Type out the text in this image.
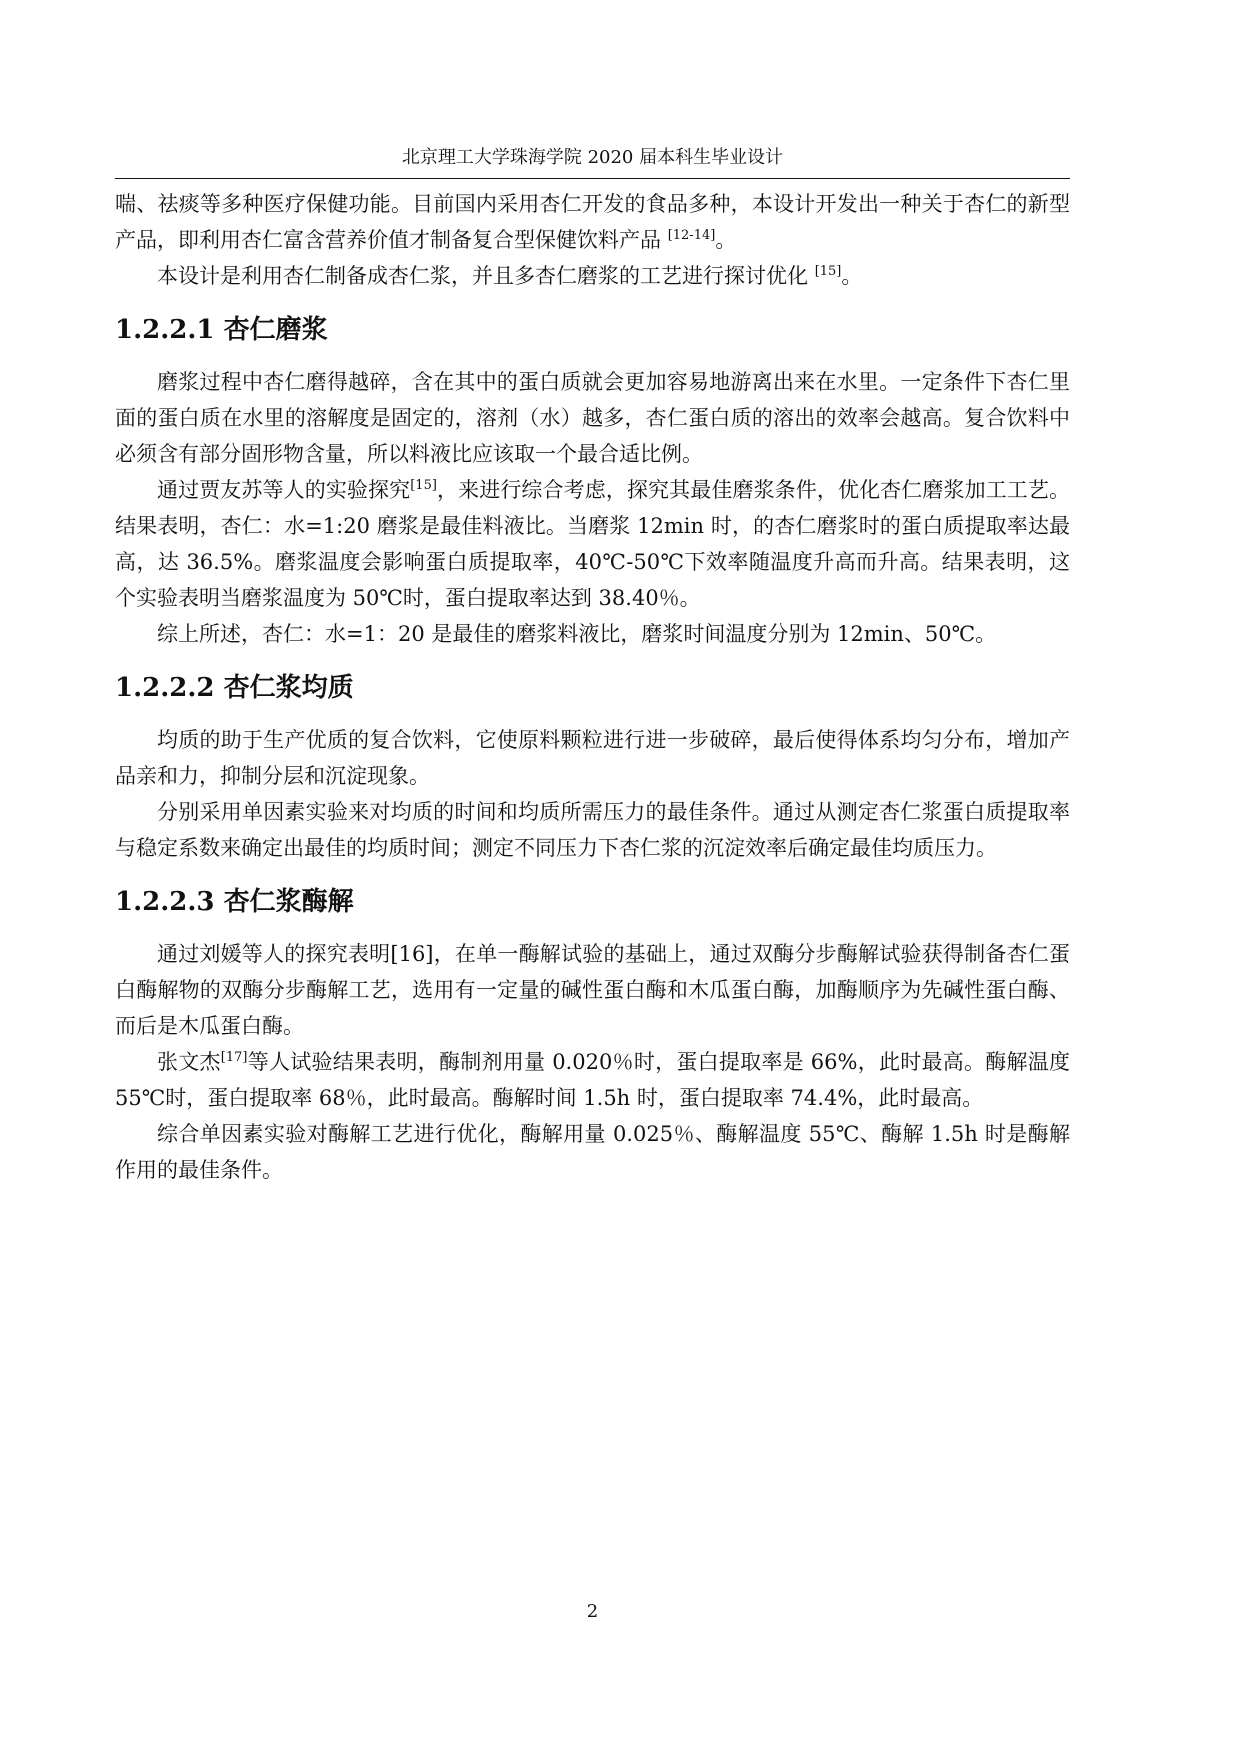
北京理工大学珠海学院 2020 届本科生毕业设计

喘、祛痰等多种医疗保健功能。目前国内采用杏仁开发的食品多种，本设计开发出一种关于杏仁的新型产品，即利用杏仁富含营养价值才制备复合型保健饮料产品 [12-14]。

本设计是利用杏仁制备成杏仁浆，并且多杏仁磨浆的工艺进行探讨优化 [15]。

1.2.2.1 杏仁磨浆

磨浆过程中杏仁磨得越碎，含在其中的蛋白质就会更加容易地游离出来在水里。一定条件下杏仁里面的蛋白质在水里的溶解度是固定的，溶剂（水）越多，杏仁蛋白质的溶出的效率会越高。复合饮料中必须含有部分固形物含量，所以料液比应该取一个最合适比例。

通过贾友苏等人的实验探究[15]，来进行综合考虑，探究其最佳磨浆条件，优化杏仁磨浆加工工艺。结果表明，杏仁：水=1:20 磨浆是最佳料液比。当磨浆 12min 时，的杏仁磨浆时的蛋白质提取率达最高，达 36.5%。磨浆温度会影响蛋白质提取率，40℃-50℃下效率随温度升高而升高。结果表明，这个实验表明当磨浆温度为 50℃时，蛋白提取率达到 38.40％。

综上所述，杏仁：水=1：20 是最佳的磨浆料液比，磨浆时间温度分别为 12min、50℃。

1.2.2.2 杏仁浆均质

均质的助于生产优质的复合饮料，它使原料颗粒进行进一步破碎，最后使得体系均匀分布，增加产品亲和力，抑制分层和沉淀现象。

分别采用单因素实验来对均质的时间和均质所需压力的最佳条件。通过从测定杏仁浆蛋白质提取率与稳定系数来确定出最佳的均质时间；测定不同压力下杏仁浆的沉淀效率后确定最佳均质压力。

1.2.2.3 杏仁浆酶解

通过刘媛等人的探究表明[16]，在单一酶解试验的基础上，通过双酶分步酶解试验获得制备杏仁蛋白酶解物的双酶分步酶解工艺，选用有一定量的碱性蛋白酶和木瓜蛋白酶，加酶顺序为先碱性蛋白酶、而后是木瓜蛋白酶。

张文杰[17]等人试验结果表明，酶制剂用量 0.020％时，蛋白提取率是 66%，此时最高。酶解温度 55℃时，蛋白提取率 68％，此时最高。酶解时间 1.5h 时，蛋白提取率 74.4%，此时最高。

综合单因素实验对酶解工艺进行优化，酶解用量 0.025％、酶解温度 55℃、酶解 1.5h 时是酶解作用的最佳条件。

2
